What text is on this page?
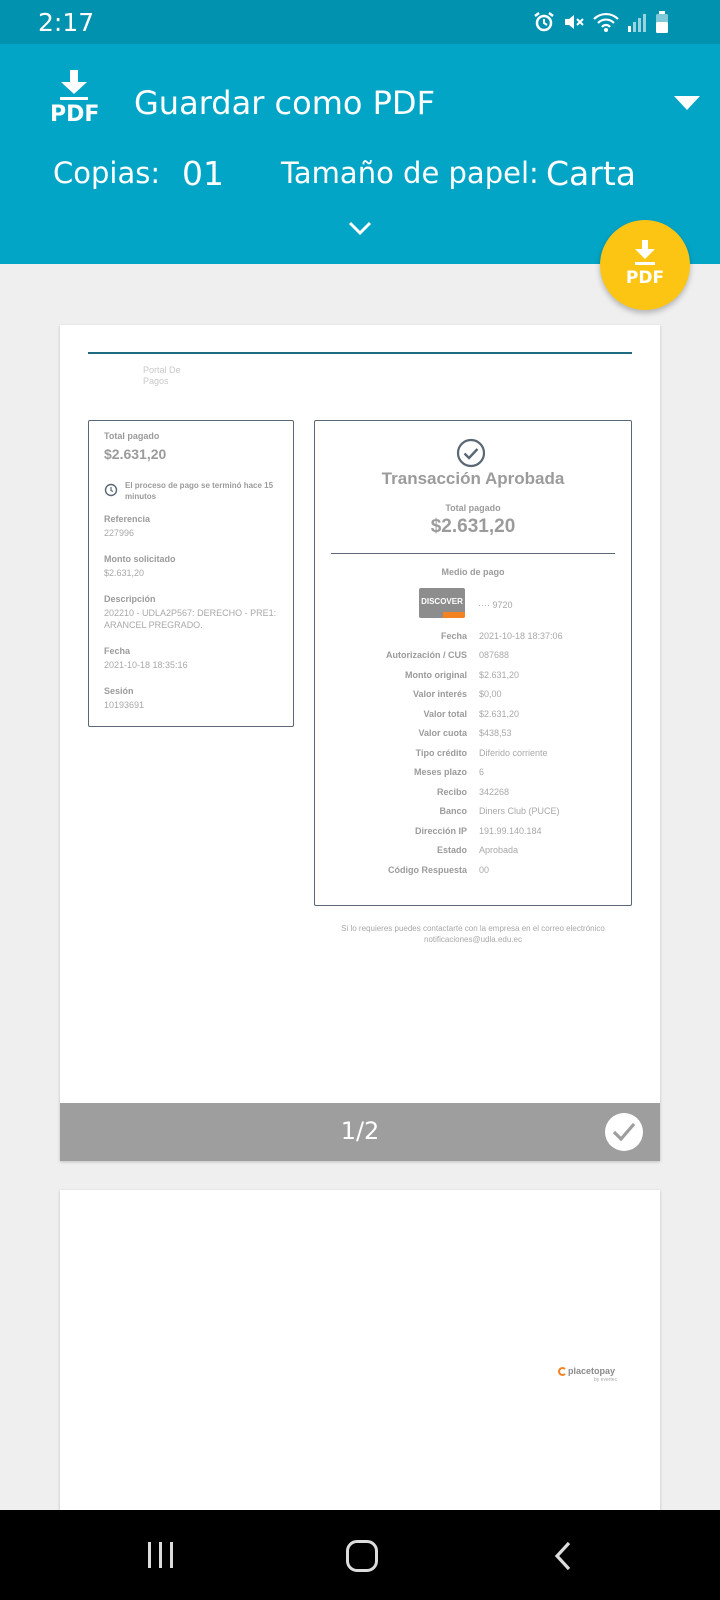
2:17
PDF Guardar como PDF
Copias: 01 Tamaño de papel: Carta
PDF
Portal De Pagos
Total pagado
$2.631,20
El proceso de pago se terminó hace 15 minutos
Referencia
227996
Monto solicitado
$2.631,20
Descripción
202210 - UDLA2P567: DERECHO - PRE1: ARANCEL PREGRADO.
Fecha
2021-10-18 18:35:16
Sesión
10193691
Transacción Aprobada
Total pagado
$2.631,20
Medio de pago
DISCOVER ···· 9720
Fecha 2021-10-18 18:37:06
Autorización / CUS 087688
Monto original $2.631,20
Valor interés $0,00
Valor total $2.631,20
Valor cuota $438,53
Tipo crédito Diferido corriente
Meses plazo 6
Recibo 342268
Banco Diners Club (PUCE)
Dirección IP 191.99.140.184
Estado Aprobada
Código Respuesta 00
Si lo requieres puedes contactarte con la empresa en el correo electrónico notificaciones@udla.edu.ec
1/2
placetopay
by evertec
